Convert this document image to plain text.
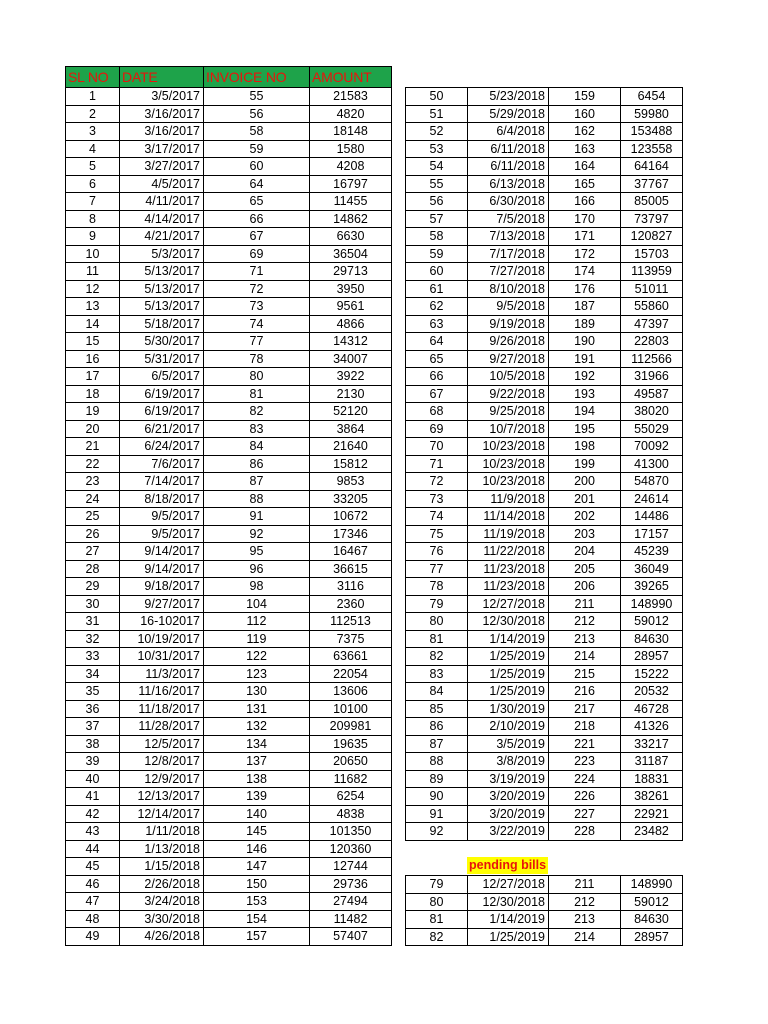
SL NO	DATE	INVOICE NO	AMOUNT
1	3/5/2017	55	21583
2	3/16/2017	56	4820
3	3/16/2017	58	18148
4	3/17/2017	59	1580
5	3/27/2017	60	4208
6	4/5/2017	64	16797
7	4/11/2017	65	11455
8	4/14/2017	66	14862
9	4/21/2017	67	6630
10	5/3/2017	69	36504
11	5/13/2017	71	29713
12	5/13/2017	72	3950
13	5/13/2017	73	9561
14	5/18/2017	74	4866
15	5/30/2017	77	14312
16	5/31/2017	78	34007
17	6/5/2017	80	3922
18	6/19/2017	81	2130
19	6/19/2017	82	52120
20	6/21/2017	83	3864
21	6/24/2017	84	21640
22	7/6/2017	86	15812
23	7/14/2017	87	9853
24	8/18/2017	88	33205
25	9/5/2017	91	10672
26	9/5/2017	92	17346
27	9/14/2017	95	16467
28	9/14/2017	96	36615
29	9/18/2017	98	3116
30	9/27/2017	104	2360
31	16-102017	112	112513
32	10/19/2017	119	7375
33	10/31/2017	122	63661
34	11/3/2017	123	22054
35	11/16/2017	130	13606
36	11/18/2017	131	10100
37	11/28/2017	132	209981
38	12/5/2017	134	19635
39	12/8/2017	137	20650
40	12/9/2017	138	11682
41	12/13/2017	139	6254
42	12/14/2017	140	4838
43	1/11/2018	145	101350
44	1/13/2018	146	120360
45	1/15/2018	147	12744
46	2/26/2018	150	29736
47	3/24/2018	153	27494
48	3/30/2018	154	11482
49	4/26/2018	157	57407
50	5/23/2018	159	6454
51	5/29/2018	160	59980
52	6/4/2018	162	153488
53	6/11/2018	163	123558
54	6/11/2018	164	64164
55	6/13/2018	165	37767
56	6/30/2018	166	85005
57	7/5/2018	170	73797
58	7/13/2018	171	120827
59	7/17/2018	172	15703
60	7/27/2018	174	113959
61	8/10/2018	176	51011
62	9/5/2018	187	55860
63	9/19/2018	189	47397
64	9/26/2018	190	22803
65	9/27/2018	191	112566
66	10/5/2018	192	31966
67	9/22/2018	193	49587
68	9/25/2018	194	38020
69	10/7/2018	195	55029
70	10/23/2018	198	70092
71	10/23/2018	199	41300
72	10/23/2018	200	54870
73	11/9/2018	201	24614
74	11/14/2018	202	14486
75	11/19/2018	203	17157
76	11/22/2018	204	45239
77	11/23/2018	205	36049
78	11/23/2018	206	39265
79	12/27/2018	211	148990
80	12/30/2018	212	59012
81	1/14/2019	213	84630
82	1/25/2019	214	28957
83	1/25/2019	215	15222
84	1/25/2019	216	20532
85	1/30/2019	217	46728
86	2/10/2019	218	41326
87	3/5/2019	221	33217
88	3/8/2019	223	31187
89	3/19/2019	224	18831
90	3/20/2019	226	38261
91	3/20/2019	227	22921
92	3/22/2019	228	23482
pending bills
79	12/27/2018	211	148990
80	12/30/2018	212	59012
81	1/14/2019	213	84630
82	1/25/2019	214	28957
